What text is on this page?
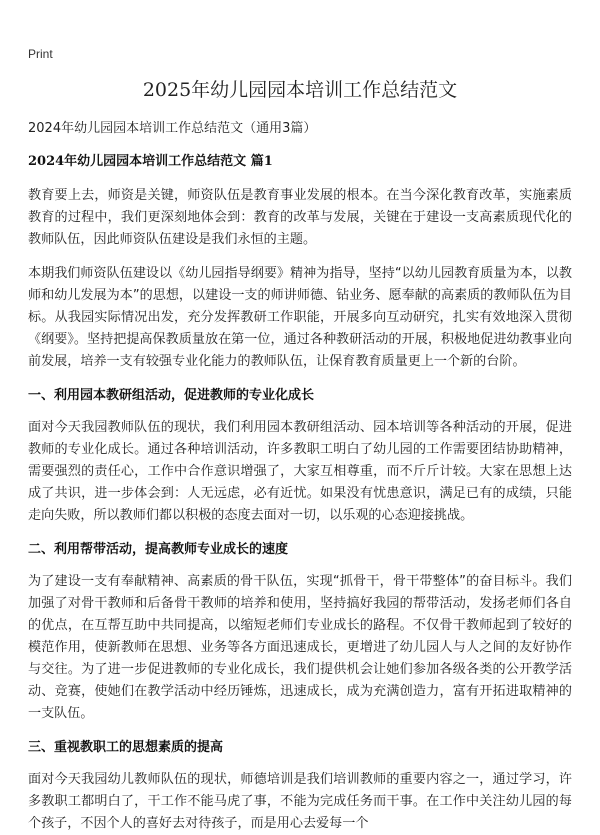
Print
2025年幼儿园园本培训工作总结范文
2024年幼儿园园本培训工作总结范文（通用3篇）
2024年幼儿园园本培训工作总结范文 篇1

教育要上去，师资是关键，师资队伍是教育事业发展的根本。在当今深化教育改革，实施素质教育的过程中，我们更深刻地体会到：教育的改革与发展，关键在于建设一支高素质现代化的教师队伍，因此师资队伍建设是我们永恒的主题。

本期我们师资队伍建设以《幼儿园指导纲要》精神为指导，坚持“以幼儿园教育质量为本，以教师和幼儿发展为本”的思想，以建设一支的师讲师德、钻业务、愿奉献的高素质的教师队伍为目标。从我园实际情况出发，充分发挥教研工作职能，开展多向互动研究，扎实有效地深入贯彻《纲要》。坚持把提高保教质量放在第一位，通过各种教研活动的开展，积极地促进幼教事业向前发展，培养一支有较强专业化能力的教师队伍，让保育教育质量更上一个新的台阶。

一、利用园本教研组活动，促进教师的专业化成长

面对今天我园教师队伍的现状，我们利用园本教研组活动、园本培训等各种活动的开展，促进教师的专业化成长。通过各种培训活动，许多教职工明白了幼儿园的工作需要团结协助精神，需要强烈的责任心，工作中合作意识增强了，大家互相尊重，而不斤斤计较。大家在思想上达成了共识，进一步体会到：人无远虑，必有近忧。如果没有忧患意识，满足已有的成绩，只能走向失败，所以教师们都以积极的态度去面对一切，以乐观的心态迎接挑战。

二、利用帮带活动，提高教师专业成长的速度

为了建设一支有奉献精神、高素质的骨干队伍，实现“抓骨干，骨干带整体”的奋目标斗。我们加强了对骨干教师和后备骨干教师的培养和使用，坚持搞好我园的帮带活动，发扬老师们各自的优点，在互帮互助中共同提高，以缩短老师们专业成长的路程。不仅骨干教师起到了较好的模范作用，使新教师在思想、业务等各方面迅速成长，更增进了幼儿园人与人之间的友好协作与交往。为了进一步促进教师的专业化成长，我们提供机会让她们参加各级各类的公开教学活动、竞赛，使她们在教学活动中经历锤炼，迅速成长，成为充满创造力，富有开拓进取精神的一支队伍。

三、重视教职工的思想素质的提高

面对今天我园幼儿教师队伍的现状，师德培训是我们培训教师的重要内容之一，通过学习，许多教职工都明白了，干工作不能马虎了事，不能为完成任务而干事。在工作中关注幼儿园的每个孩子，不因个人的喜好去对待孩子，而是用心去爱每一个
